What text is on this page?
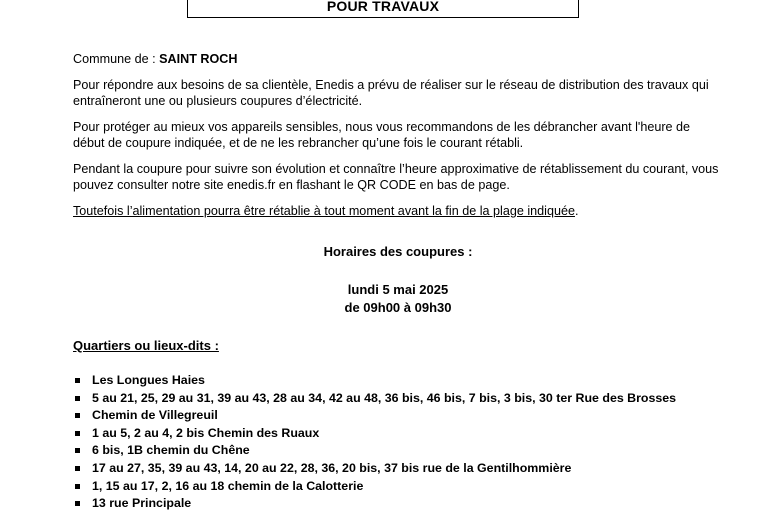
POUR TRAVAUX

Commune de : SAINT ROCH

Pour répondre aux besoins de sa clientèle, Enedis a prévu de réaliser sur le réseau de distribution des travaux qui entraîneront une ou plusieurs coupures d’électricité.

Pour protéger au mieux vos appareils sensibles, nous vous recommandons de les débrancher avant l'heure de début de coupure indiquée, et de ne les rebrancher qu’une fois le courant rétabli.

Pendant la coupure pour suivre son évolution et connaître l’heure approximative de rétablissement du courant, vous pouvez consulter notre site enedis.fr en flashant le QR CODE en bas de page.

Toutefois l’alimentation pourra être rétablie à tout moment avant la fin de la plage indiquée.

Horaires des coupures :
lundi 5 mai 2025
de 09h00 à 09h30
Quartiers ou lieux-dits :
Les Longues Haies
5 au 21, 25, 29 au 31, 39 au 43, 28 au 34, 42 au 48, 36 bis, 46 bis, 7 bis, 3 bis, 30 ter Rue des Brosses
Chemin de Villegreuil
1 au 5, 2 au 4, 2 bis Chemin des Ruaux
6 bis, 1B chemin du Chêne
17 au 27, 35, 39 au 43, 14, 20 au 22, 28, 36, 20 bis, 37 bis rue de la Gentilhommière
1, 15 au 17, 2, 16 au 18 chemin de la Calotterie
13 rue Principale
